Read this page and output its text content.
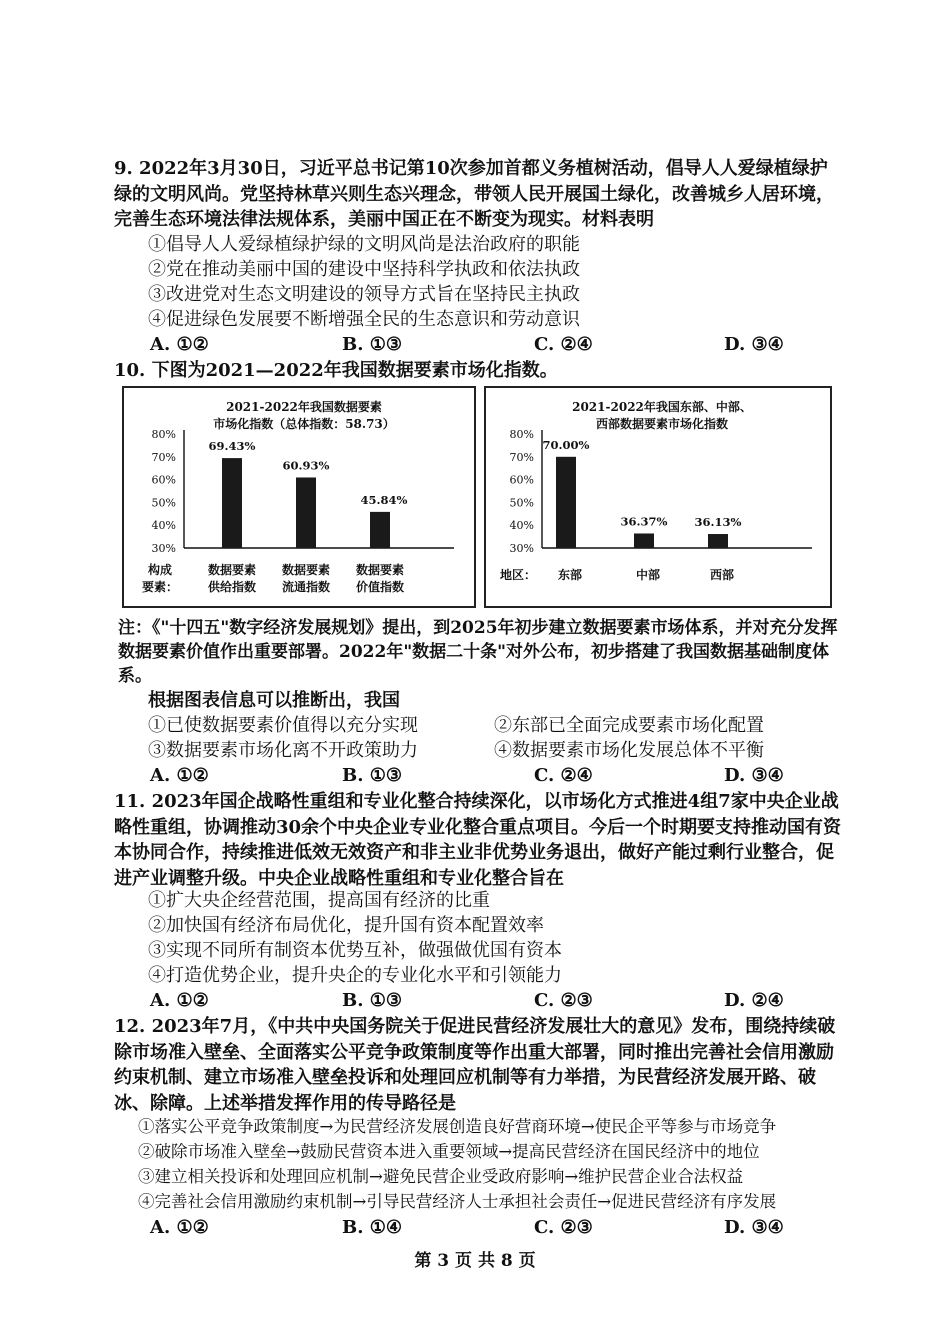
9. 2022年3月30日，习近平总书记第10次参加首都义务植树活动，倡导人人爱绿植绿护绿的文明风尚。党坚持林草兴则生态兴理念，带领人民开展国土绿化，改善城乡人居环境，完善生态环境法律法规体系，美丽中国正在不断变为现实。材料表明
①倡导人人爱绿植绿护绿的文明风尚是法治政府的职能
②党在推动美丽中国的建设中坚持科学执政和依法执政
③改进党对生态文明建设的领导方式旨在坚持民主执政
④促进绿色发展要不断增强全民的生态意识和劳动意识
A. ①②	B. ①③	C. ②④	D. ③④
10. 下图为2021—2022年我国数据要素市场化指数。
2021-2022年我国数据要素
市场化指数（总体指数：58.73）
80%
70%
60%
50%
40%
30%
69.43%
60.93%
45.84%
构成
要素：
数据要素
供给指数
数据要素
流通指数
数据要素
价值指数
2021-2022年我国东部、中部、
西部数据要素市场化指数
80%
70%
60%
50%
40%
30%
70.00%
36.37% 36.13%
地区： 东部	中部	西部
注：《"十四五"数字经济发展规划》提出，到2025年初步建立数据要素市场体系，并对充分发挥数据要素价值作出重要部署。2022年"数据二十条"对外公布，初步搭建了我国数据基础制度体系。
根据图表信息可以推断出，我国
①已使数据要素价值得以充分实现	②东部已全面完成要素市场化配置
③数据要素市场化离不开政策助力	④数据要素市场化发展总体不平衡
A. ①②	B. ①③	C. ②④	D. ③④
11. 2023年国企战略性重组和专业化整合持续深化，以市场化方式推进4组7家中央企业战略性重组，协调推动30余个中央企业专业化整合重点项目。今后一个时期要支持推动国有资本协同合作，持续推进低效无效资产和非主业非优势业务退出，做好产能过剩行业整合，促进产业调整升级。中央企业战略性重组和专业化整合旨在
①扩大央企经营范围，提高国有经济的比重
②加快国有经济布局优化，提升国有资本配置效率
③实现不同所有制资本优势互补，做强做优国有资本
④打造优势企业，提升央企的专业化水平和引领能力
A. ①②	B. ①③	C. ②③	D. ②④
12. 2023年7月，《中共中央国务院关于促进民营经济发展壮大的意见》发布，围绕持续破除市场准入壁垒、全面落实公平竞争政策制度等作出重大部署，同时推出完善社会信用激励约束机制、建立市场准入壁垒投诉和处理回应机制等有力举措，为民营经济发展开路、破冰、除障。上述举措发挥作用的传导路径是
①落实公平竞争政策制度→为民营经济发展创造良好营商环境→使民企平等参与市场竞争
②破除市场准入壁垒→鼓励民营资本进入重要领域→提高民营经济在国民经济中的地位
③建立相关投诉和处理回应机制→避免民营企业受政府影响→维护民营企业合法权益
④完善社会信用激励约束机制→引导民营经济人士承担社会责任→促进民营经济有序发展
A. ①②	B. ①④	C. ②③	D. ③④
第 3 页 共 8 页
